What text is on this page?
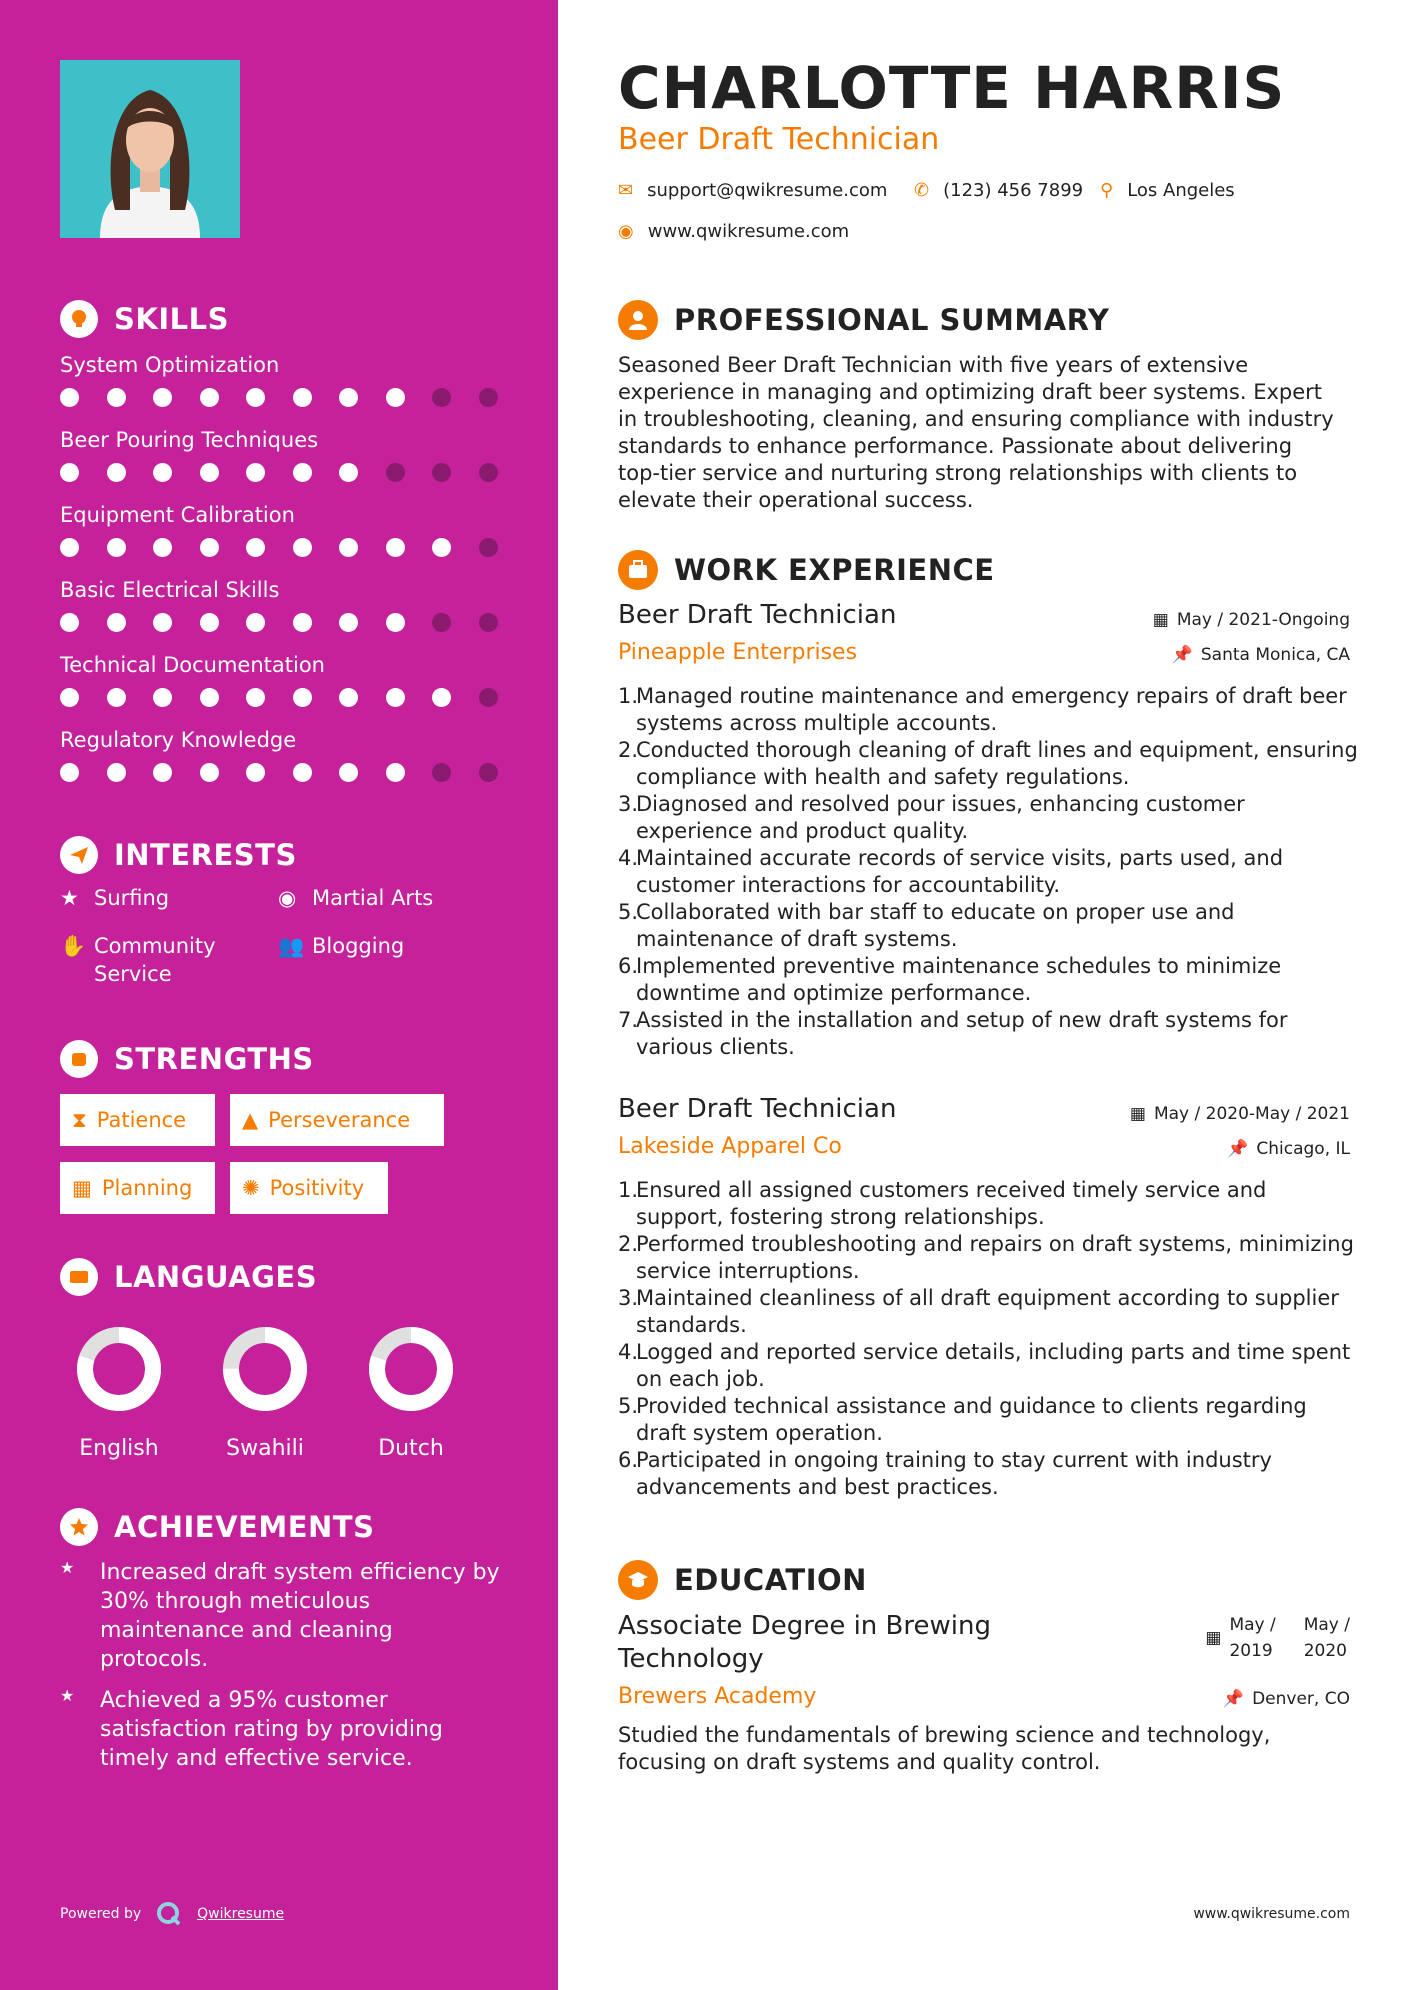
SKILLS
System Optimization
Beer Pouring Techniques
Equipment Calibration
Basic Electrical Skills
Technical Documentation
Regulatory Knowledge
INTERESTS
★ Surfing	◉ Martial Arts
✋ Community
Service
👥 Blogging
STRENGTHS
⧗ Patience	▲ Perseverance
▦ Planning ✺ Positivity
LANGUAGES
English	Swahili	Dutch
ACHIEVEMENTS
★	Increased draft system efficiency by 30% through meticulous maintenance and cleaning protocols.
★	Achieved a 95% customer satisfaction rating by providing timely and effective service.
Powered by	Qwikresume
CHARLOTTE HARRIS
Beer Draft Technician
✉ support@qwikresume.com ✆ (123) 456 7899 ⚲ Los Angeles
◉ www.qwikresume.com
PROFESSIONAL SUMMARY
Seasoned Beer Draft Technician with five years of extensive experience in managing and optimizing draft beer systems. Expert in troubleshooting, cleaning, and ensuring compliance with industry standards to enhance performance. Passionate about delivering top-tier service and nurturing strong relationships with clients to elevate their operational success.
WORK EXPERIENCE
Beer Draft Technician	▦ May / 2021-Ongoing
Pineapple Enterprises	📌 Santa Monica, CA
1.
Managed routine maintenance and emergency repairs of draft beer systems across multiple accounts.
2.
Conducted thorough cleaning of draft lines and equipment, ensuring compliance with health and safety regulations.
3.
Diagnosed and resolved pour issues, enhancing customer experience and product quality.
4.
Maintained accurate records of service visits, parts used, and customer interactions for accountability.
5.
Collaborated with bar staff to educate on proper use and maintenance of draft systems.
6.
Implemented preventive maintenance schedules to minimize downtime and optimize performance.
7.
Assisted in the installation and setup of new draft systems for various clients.
Beer Draft Technician	▦ May / 2020-May / 2021
Lakeside Apparel Co	📌 Chicago, IL
1.
Ensured all assigned customers received timely service and support, fostering strong relationships.
2.
Performed troubleshooting and repairs on draft systems, minimizing service interruptions.
3.
Maintained cleanliness of all draft equipment according to supplier standards.
4.
Logged and reported service details, including parts and time spent on each job.
5.
Provided technical assistance and guidance to clients regarding draft system operation.
6.
Participated in ongoing training to stay current with industry advancements and best practices.
EDUCATION
Associate Degree in Brewing
Technology
▦
May /
2019
May /
2020
Brewers Academy	📌 Denver, CO
Studied the fundamentals of brewing science and technology, focusing on draft systems and quality control.
www.qwikresume.com
